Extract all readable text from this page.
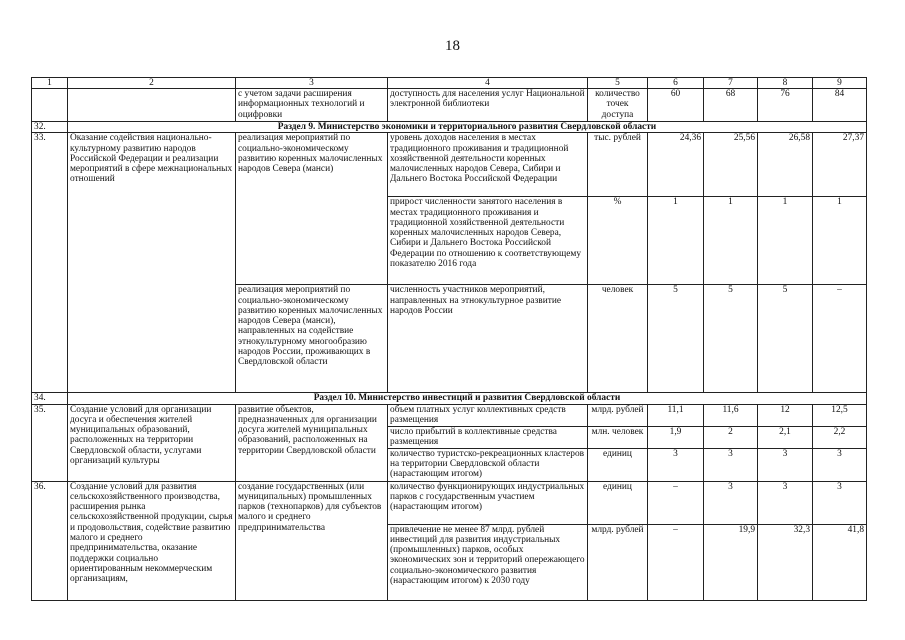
18
1	2	3	4	5	6	7	8	9
		с учетом задачи расширения информационных технологий и оцифровки	доступность для населения услуг Национальной электронной библиотеки	количество точек доступа	60	68	76	84
32.	Раздел 9. Министерство экономики и территориального развития Свердловской области							
33.	Оказание содействия национально-культурному развитию народов Российской Федерации и реализации мероприятий в сфере межнациональных отношений	реализация мероприятий по социально-экономическому развитию коренных малочисленных народов Севера (манси)	уровень доходов населения в местах традиционного проживания и традиционной хозяйственной деятельности коренных малочисленных народов Севера, Сибири и Дальнего Востока Российской Федерации	тыс. рублей	24,36	25,56	26,58	27,37
			прирост численности занятого населения в местах традиционного проживания и традиционной хозяйственной деятельности коренных малочисленных народов Севера, Сибири и Дальнего Востока Российской Федерации по отношению к соответствующему показателю 2016 года	%	1	1	1	1
		реализация мероприятий по социально-экономическому развитию коренных малочисленных народов Севера (манси), направленных на содействие этнокультурному многообразию народов России, проживающих в Свердловской области	численность участников мероприятий, направленных на этнокультурное развитие народов России	человек	5	5	5	–
34.	Раздел 10. Министерство инвестиций и развития Свердловской области							
35.	Создание условий для организации досуга и обеспечения жителей муниципальных образований, расположенных на территории Свердловской области, услугами организаций культуры	развитие объектов, предназначенных для организации досуга жителей муниципальных образований, расположенных на территории Свердловской области	объем платных услуг коллективных средств размещения	млрд. рублей	11,1	11,6	12	12,5
			число прибытий в коллективные средства размещения	млн. человек	1,9	2	2,1	2,2
			количество туристско-рекреационных кластеров на территории Свердловской области (нарастающим итогом)	единиц	3	3	3	3
36.	Создание условий для развития сельскохозяйственного производства, расширения рынка сельскохозяйственной продукции, сырья и продовольствия, содействие развитию малого и среднего предпринимательства, оказание поддержки социально ориентированным некоммерческим организациям,	создание государственных (или муниципальных) промышленных парков (технопарков) для субъектов малого и среднего предпринимательства	количество функционирующих индустриальных парков с государственным участием (нарастающим итогом)	единиц	–	3	3	3
			привлечение не менее 87 млрд. рублей инвестиций для развития индустриальных (промышленных) парков, особых экономических зон и территорий опережающего социально-экономического развития (нарастающим итогом) к 2030 году	млрд. рублей	–	19,9	32,3	41,8
